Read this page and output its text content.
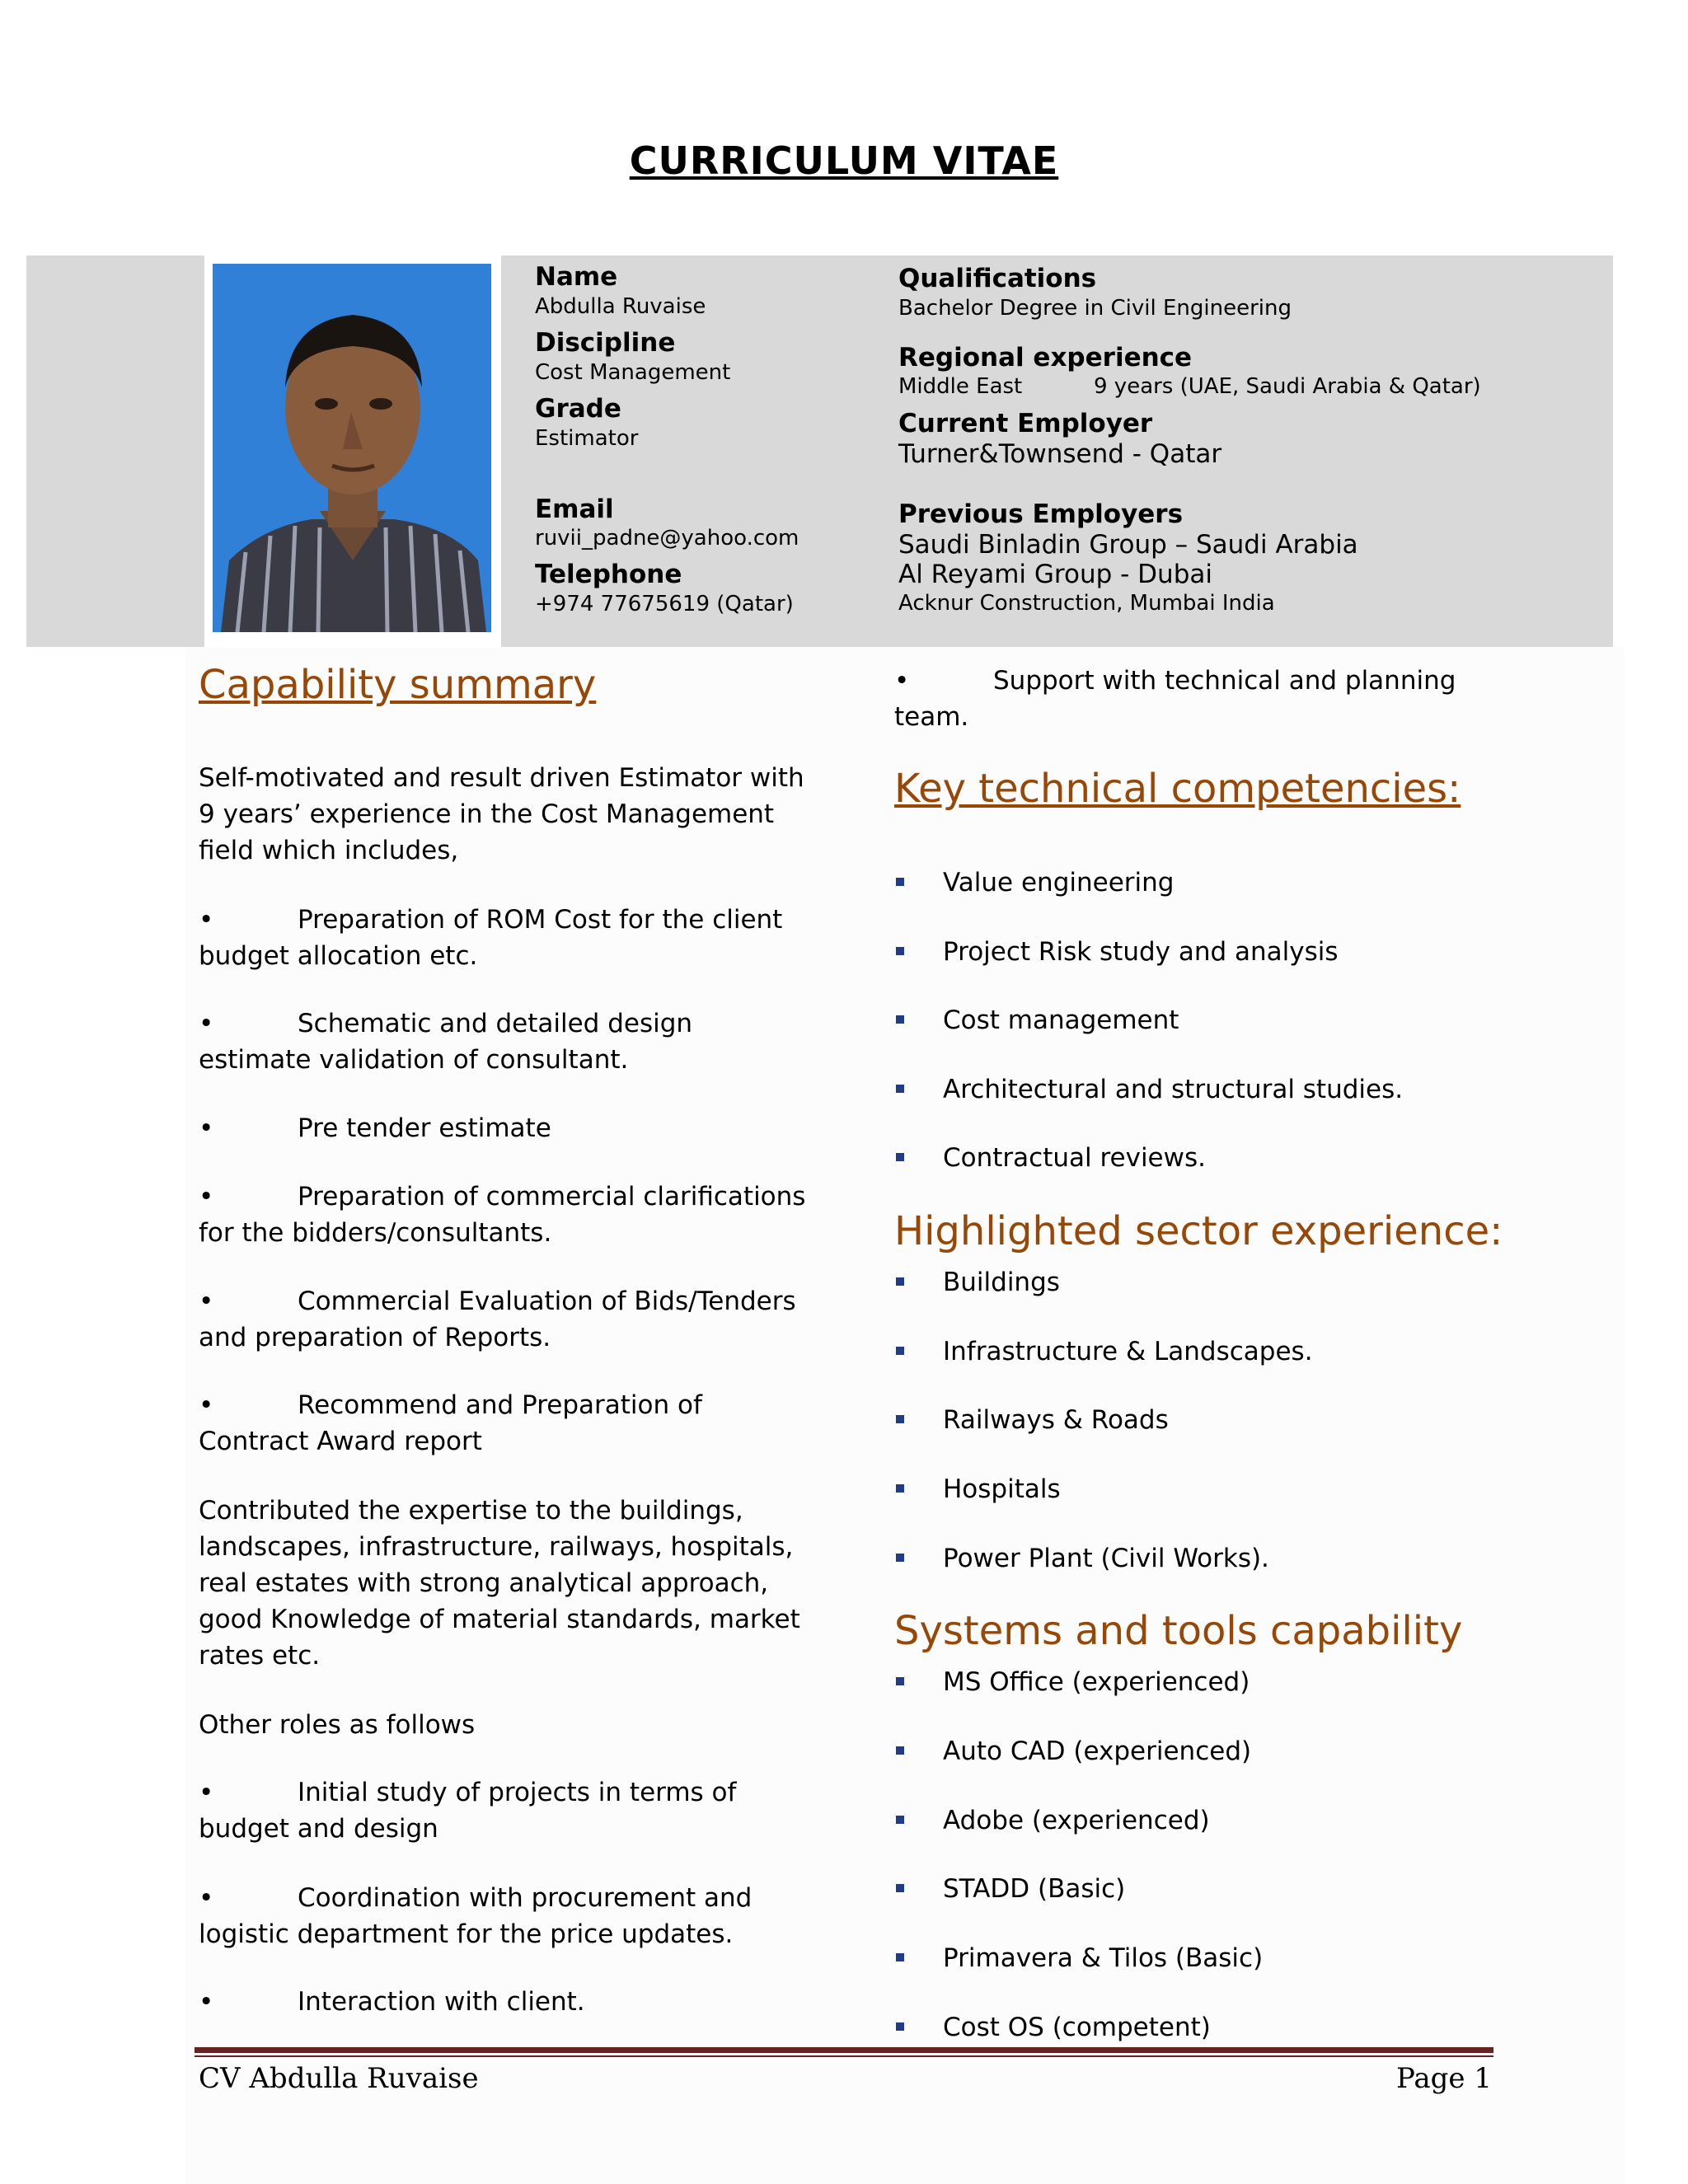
CURRICULUM VITAE
Name
Abdulla Ruvaise
Discipline
Cost Management
Grade
Estimator
Email
ruvii_padne@yahoo.com
Telephone
+974 77675619 (Qatar)
Qualifications
Bachelor Degree in Civil Engineering
Regional experience
Middle East	9 years (UAE, Saudi Arabia & Qatar)
Current Employer
Turner&Townsend - Qatar
Previous Employers
Saudi Binladin Group – Saudi Arabia
Al Reyami Group - Dubai
Acknur Construction, Mumbai India
Capability summary
Self-motivated and result driven Estimator with 9 years’ experience in the Cost Management field which includes,
•	Preparation of ROM Cost for the client budget allocation etc.
•	Schematic and detailed design estimate validation of consultant.
•	Pre tender estimate
•	Preparation of commercial clarifications for the bidders/consultants.
•	Commercial Evaluation of Bids/Tenders and preparation of Reports.
•	Recommend and Preparation of Contract Award report
Contributed the expertise to the buildings, landscapes, infrastructure, railways, hospitals, real estates with strong analytical approach, good Knowledge of material standards, market rates etc.
Other roles as follows
•	Initial study of projects in terms of budget and design
•	Coordination with procurement and logistic department for the price updates.
•	Interaction with client.
•	Support with technical and planning team.
Key technical competencies:
Value engineering
Project Risk study and analysis
Cost management
Architectural and structural studies.
Contractual reviews.
Highlighted sector experience:
Buildings
Infrastructure & Landscapes.
Railways & Roads
Hospitals
Power Plant (Civil Works).
Systems and tools capability
MS Office (experienced)
Auto CAD (experienced)
Adobe (experienced)
STADD (Basic)
Primavera & Tilos (Basic)
Cost OS (competent)
CV Abdulla Ruvaise	Page 1
